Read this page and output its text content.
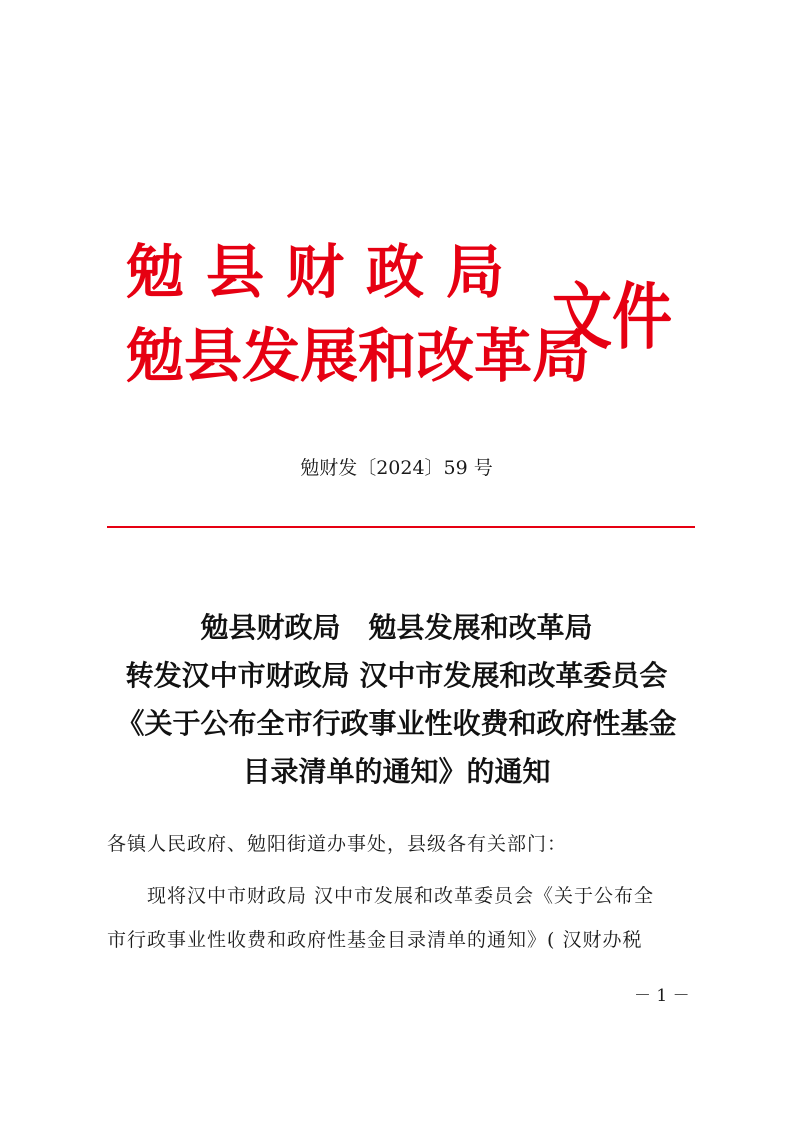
勉县财政局
勉县发展和改革局
文件
勉财发〔2024〕59 号
勉县财政局　勉县发展和改革局
转发汉中市财政局 汉中市发展和改革委员会
《关于公布全市行政事业性收费和政府性基金
目录清单的通知》的通知
各镇人民政府、勉阳街道办事处，县级各有关部门：
现将汉中市财政局 汉中市发展和改革委员会《关于公布全
市行政事业性收费和政府性基金目录清单的通知》( 汉财办税
－ 1 －
